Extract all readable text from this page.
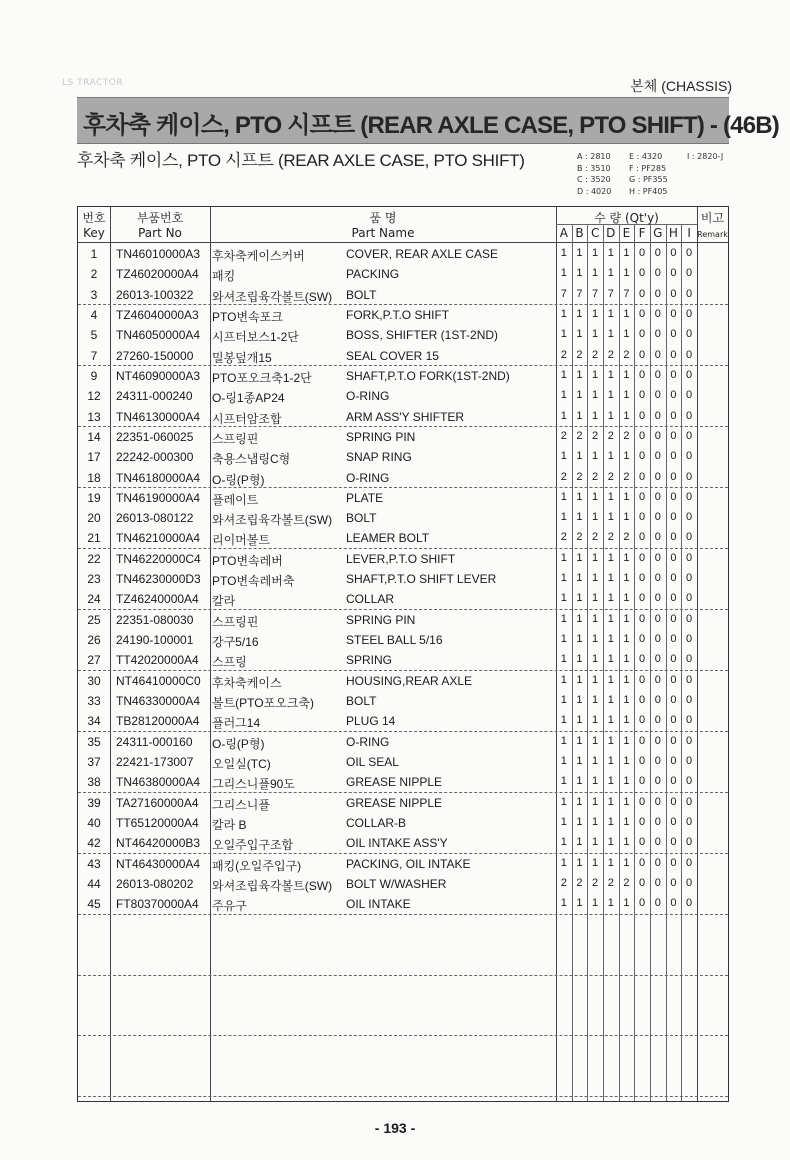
LS TRACTOR	본체 (CHASSIS)
후차축 케이스, PTO 시프트 (REAR AXLE CASE, PTO SHIFT) - (46B)
후차축 케이스, PTO 시프트 (REAR AXLE CASE, PTO SHIFT)	A : 2810
B : 3510
C : 3520
D : 4020
E : 4320
F : PF285
G : PF355
H : PF405
I : 2820-J
번호
Key
부품번호
Part No
품 명
Part Name
수 량 (Qt'y)	비고
Remark
A B C D E F G H I
1	TN46010000A3 후차축케이스커버	COVER, REAR AXLE CASE	1 1 1 1 1 0 0 0 0
2	TZ46020000A4 패킹	PACKING	1 1 1 1 1 0 0 0 0
3	26013-100322 와셔조립육각볼트(SW) BOLT	7 7 7 7 7 0 0 0 0
4	TZ46040000A3 PTO변속포크	FORK,P.T.O SHIFT	1 1 1 1 1 0 0 0 0
5	TN46050000A4 시프터보스1-2단	BOSS, SHIFTER (1ST-2ND)	1 1 1 1 1 0 0 0 0
7	27260-150000 밀봉덮개15	SEAL COVER 15	2 2 2 2 2 0 0 0 0
9	NT46090000A3 PTO포오크축1-2단	SHAFT,P.T.O FORK(1ST-2ND)	1 1 1 1 1 0 0 0 0
12	24311-000240 O-링1종AP24	O-RING	1 1 1 1 1 0 0 0 0
13	TN46130000A4 시프터암조합	ARM ASS'Y SHIFTER	1 1 1 1 1 0 0 0 0
14	22351-060025 스프링핀	SPRING PIN	2 2 2 2 2 0 0 0 0
17	22242-000300 축용스냅링C형	SNAP RING	1 1 1 1 1 0 0 0 0
18	TN46180000A4 O-링(P형)	O-RING	2 2 2 2 2 0 0 0 0
19	TN46190000A4 플레이트	PLATE	1 1 1 1 1 0 0 0 0
20	26013-080122 와셔조립육각볼트(SW) BOLT	1 1 1 1 1 0 0 0 0
21	TN46210000A4 리이머볼트	LEAMER BOLT	2 2 2 2 2 0 0 0 0
22	TN46220000C4 PTO변속레버	LEVER,P.T.O SHIFT	1 1 1 1 1 0 0 0 0
23	TN46230000D3 PTO변속레버축	SHAFT,P.T.O SHIFT LEVER	1 1 1 1 1 0 0 0 0
24	TZ46240000A4 칼라	COLLAR	1 1 1 1 1 0 0 0 0
25	22351-080030 스프링핀	SPRING PIN	1 1 1 1 1 0 0 0 0
26	24190-100001 강구5/16	STEEL BALL 5/16	1 1 1 1 1 0 0 0 0
27	TT42020000A4 스프링	SPRING	1 1 1 1 1 0 0 0 0
30	NT46410000C0 후차축케이스	HOUSING,REAR AXLE	1 1 1 1 1 0 0 0 0
33	TN46330000A4 볼트(PTO포오크축)	BOLT	1 1 1 1 1 0 0 0 0
34	TB28120000A4 플러그14	PLUG 14	1 1 1 1 1 0 0 0 0
35	24311-000160 O-링(P형)	O-RING	1 1 1 1 1 0 0 0 0
37	22421-173007 오일실(TC)	OIL SEAL	1 1 1 1 1 0 0 0 0
38	TN46380000A4 그리스니플90도	GREASE NIPPLE	1 1 1 1 1 0 0 0 0
39	TA27160000A4 그리스니플	GREASE NIPPLE	1 1 1 1 1 0 0 0 0
40	TT65120000A4 칼라 B	COLLAR-B	1 1 1 1 1 0 0 0 0
42	NT46420000B3 오일주입구조합	OIL INTAKE ASS'Y	1 1 1 1 1 0 0 0 0
43	NT46430000A4 패킹(오일주입구)	PACKING, OIL INTAKE	1 1 1 1 1 0 0 0 0
44	26013-080202 와셔조립육각볼트(SW) BOLT W/WASHER	2 2 2 2 2 0 0 0 0
45	FT80370000A4 주유구	OIL INTAKE	1 1 1 1 1 0 0 0 0
- 193 -
